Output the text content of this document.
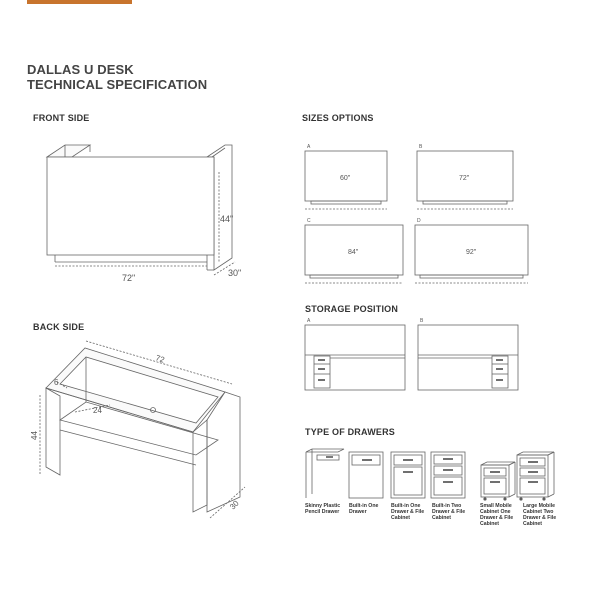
DALLAS U DESK
TECHNICAL SPECIFICATION
FRONT SIDE
BACK SIDE
SIZES OPTIONS
STORAGE POSITION
TYPE OF DRAWERS
44"
72"	30"
72
6
44
24
30
A	B
C	D
60"	72"
84"	92"
A	B
Skinny Plastic
Pencil Drawer
Built-in One
Drawer
Built-in One
Drawer & File
Cabinet
Built-in Two
Drawer & File
Cabinet
Small Mobile
Cabinet One
Drawer & File
Cabinet
Large Mobile
Cabinet Two
Drawer & File
Cabinet
